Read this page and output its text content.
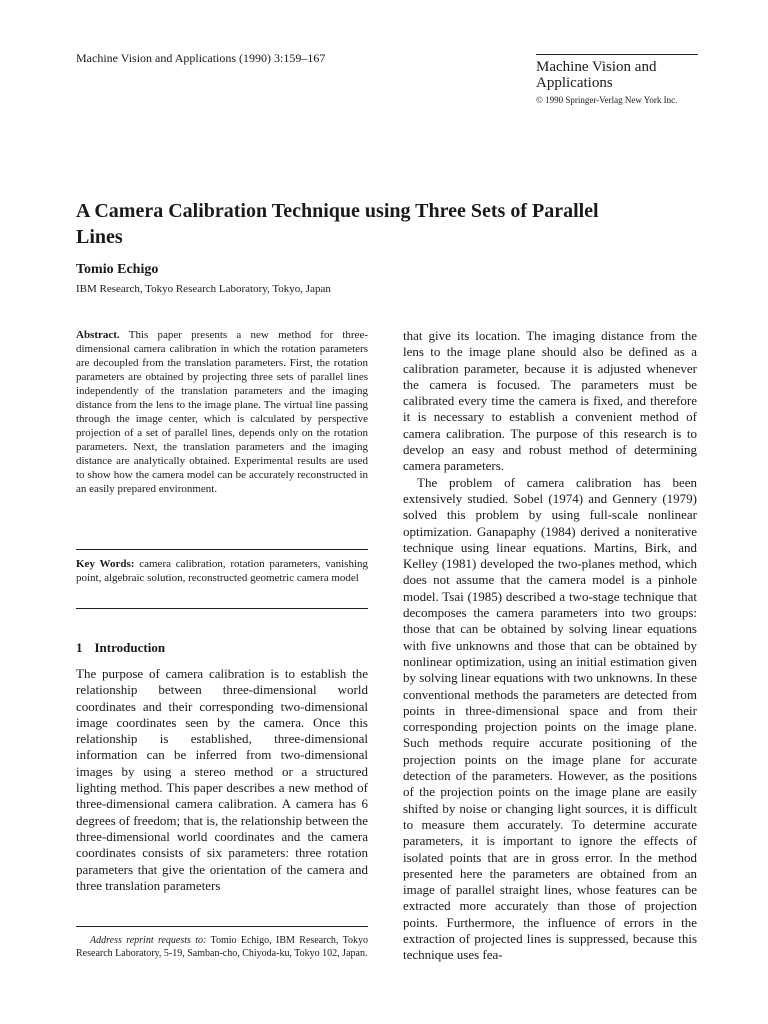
Machine Vision and Applications (1990) 3:159–167
Machine Vision and Applications
© 1990 Springer-Verlag New York Inc.
A Camera Calibration Technique using Three Sets of Parallel Lines
Tomio Echigo
IBM Research, Tokyo Research Laboratory, Tokyo, Japan

Abstract. This paper presents a new method for three-dimensional camera calibration in which the rotation parameters are decoupled from the translation parameters. First, the rotation parameters are obtained by projecting three sets of parallel lines independently of the translation parameters and the imaging distance from the lens to the image plane. The virtual line passing through the image center, which is calculated by perspective projection of a set of parallel lines, depends only on the rotation parameters. Next, the translation parameters and the imaging distance are analytically obtained. Experimental results are used to show how the camera model can be accurately reconstructed in an easily prepared environment.

Key Words: camera calibration, rotation parameters, vanishing point, algebraic solution, reconstructed geometric camera model

1 Introduction

The purpose of camera calibration is to establish the relationship between three-dimensional world coordinates and their corresponding two-dimensional image coordinates seen by the camera. Once this relationship is established, three-dimensional information can be inferred from two-dimensional images by using a stereo method or a structured lighting method. This paper describes a new method of three-dimensional camera calibration. A camera has 6 degrees of freedom; that is, the relationship between the three-dimensional world coordinates and the camera coordinates consists of six parameters: three rotation parameters that give the orientation of the camera and three translation parameters

Address reprint requests to: Tomio Echigo, IBM Research, Tokyo Research Laboratory, 5-19, Samban-cho, Chiyoda-ku, Tokyo 102, Japan.

that give its location. The imaging distance from the lens to the image plane should also be defined as a calibration parameter, because it is adjusted whenever the camera is focused. The parameters must be calibrated every time the camera is fixed, and therefore it is necessary to establish a convenient method of camera calibration. The purpose of this research is to develop an easy and robust method of determining camera parameters.

The problem of camera calibration has been extensively studied. Sobel (1974) and Gennery (1979) solved this problem by using full-scale nonlinear optimization. Ganapaphy (1984) derived a noniterative technique using linear equations. Martins, Birk, and Kelley (1981) developed the two-planes method, which does not assume that the camera model is a pinhole model. Tsai (1985) described a two-stage technique that decomposes the camera parameters into two groups: those that can be obtained by solving linear equations with five unknowns and those that can be obtained by nonlinear optimization, using an initial estimation given by solving linear equations with two unknowns. In these conventional methods the parameters are detected from points in three-dimensional space and from their corresponding projection points on the image plane. Such methods require accurate positioning of the projection points on the image plane for accurate detection of the parameters. However, as the positions of the projection points on the image plane are easily shifted by noise or changing light sources, it is difficult to measure them accurately. To determine accurate parameters, it is important to ignore the effects of isolated points that are in gross error. In the method presented here the parameters are obtained from an image of parallel straight lines, whose features can be extracted more accurately than those of projection points. Furthermore, the influence of errors in the extraction of projected lines is suppressed, because this technique uses fea-
